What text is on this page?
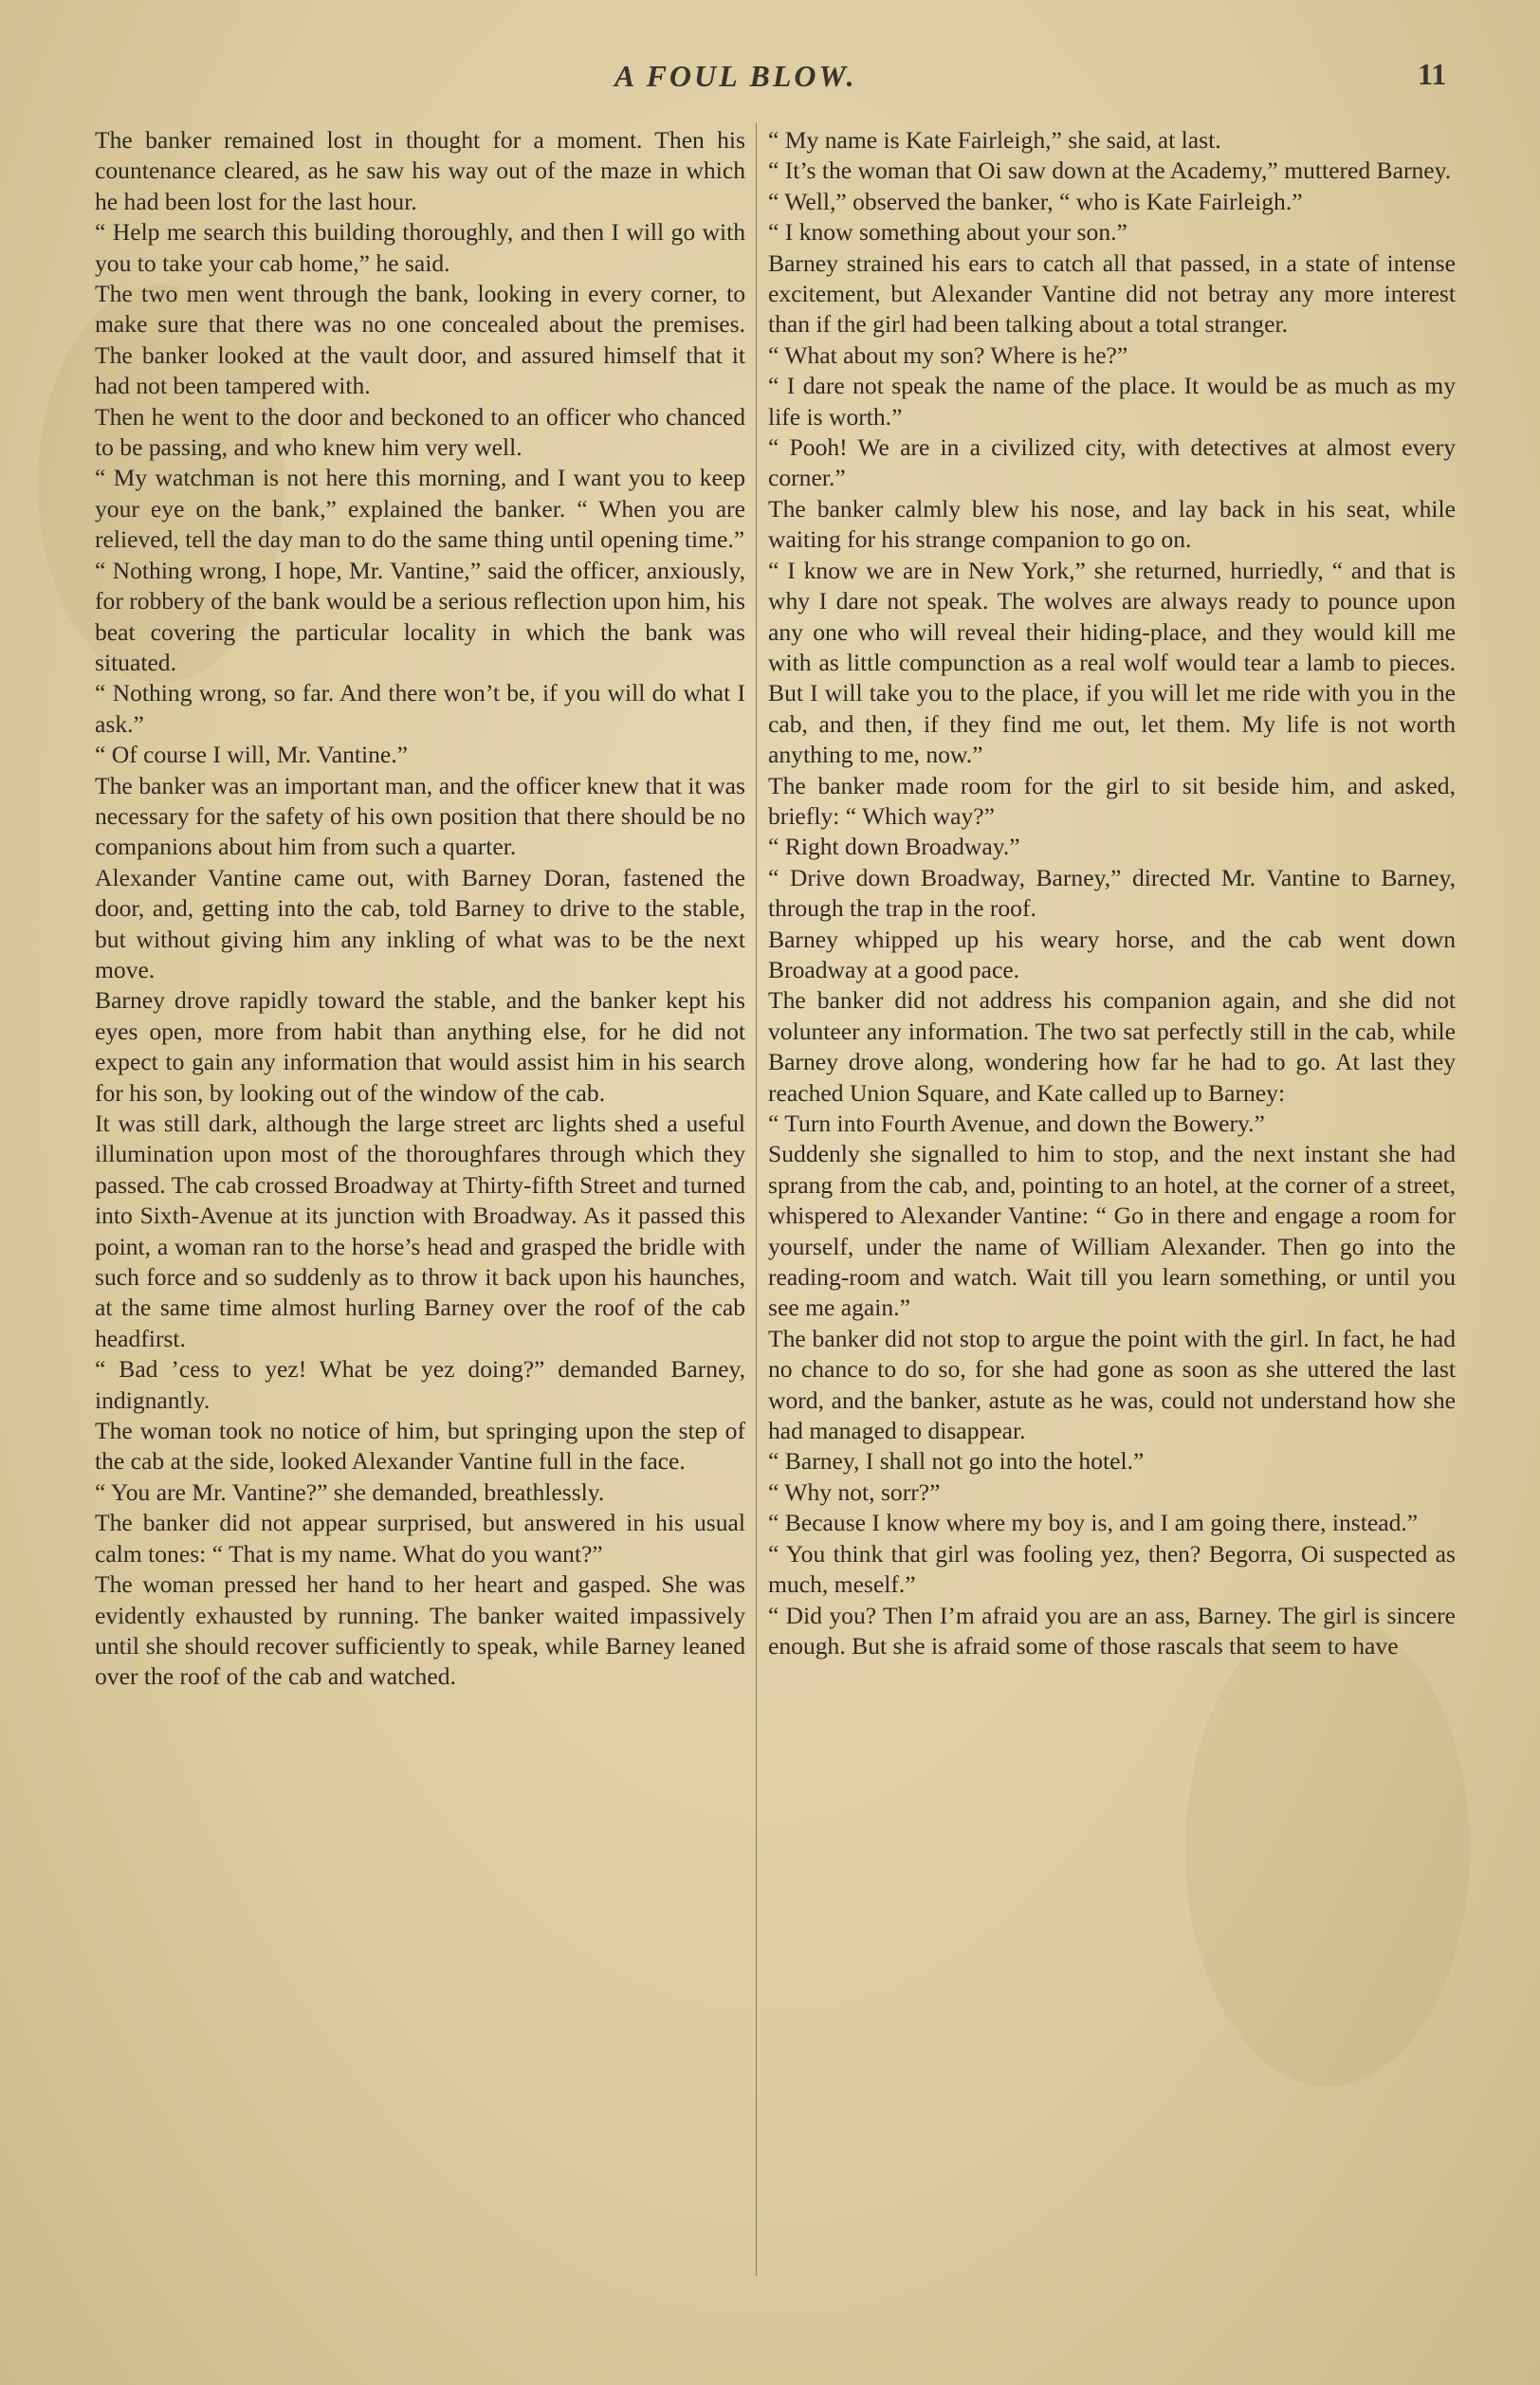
A FOUL BLOW.	11

The banker remained lost in thought for a moment. Then his countenance cleared, as he saw his way out of the maze in which he had been lost for the last hour.

“ Help me search this building thoroughly, and then I will go with you to take your cab home,” he said.

The two men went through the bank, looking in every corner, to make sure that there was no one concealed about the premises. The banker looked at the vault door, and assured himself that it had not been tampered with.

Then he went to the door and beckoned to an officer who chanced to be passing, and who knew him very well.

“ My watchman is not here this morning, and I want you to keep your eye on the bank,” explained the banker. “ When you are relieved, tell the day man to do the same thing until opening time.”

“ Nothing wrong, I hope, Mr. Vantine,” said the officer, anxiously, for robbery of the bank would be a serious reflection upon him, his beat covering the particular locality in which the bank was situated.

“ Nothing wrong, so far. And there won’t be, if you will do what I ask.”

“ Of course I will, Mr. Vantine.”

The banker was an important man, and the officer knew that it was necessary for the safety of his own position that there should be no companions about him from such a quarter.

Alexander Vantine came out, with Barney Doran, fastened the door, and, getting into the cab, told Barney to drive to the stable, but without giving him any inkling of what was to be the next move.

Barney drove rapidly toward the stable, and the banker kept his eyes open, more from habit than anything else, for he did not expect to gain any information that would assist him in his search for his son, by looking out of the window of the cab.

It was still dark, although the large street arc lights shed a useful illumination upon most of the thoroughfares through which they passed. The cab crossed Broadway at Thirty-fifth Street and turned into Sixth-Avenue at its junction with Broadway. As it passed this point, a woman ran to the horse’s head and grasped the bridle with such force and so suddenly as to throw it back upon his haunches, at the same time almost hurling Barney over the roof of the cab headfirst.

“ Bad ’cess to yez! What be yez doing?” demanded Barney, indignantly.

The woman took no notice of him, but springing upon the step of the cab at the side, looked Alexander Vantine full in the face.

“ You are Mr. Vantine?” she demanded, breathlessly.

The banker did not appear surprised, but answered in his usual calm tones: “ That is my name. What do you want?”

The woman pressed her hand to her heart and gasped. She was evidently exhausted by running. The banker waited impassively until she should recover sufficiently to speak, while Barney leaned over the roof of the cab and watched.

“ My name is Kate Fairleigh,” she said, at last.

“ It’s the woman that Oi saw down at the Academy,” muttered Barney.

“ Well,” observed the banker, “ who is Kate Fairleigh.”

“ I know something about your son.”

Barney strained his ears to catch all that passed, in a state of intense excitement, but Alexander Vantine did not betray any more interest than if the girl had been talking about a total stranger.

“ What about my son? Where is he?”

“ I dare not speak the name of the place. It would be as much as my life is worth.”

“ Pooh! We are in a civilized city, with detectives at almost every corner.”

The banker calmly blew his nose, and lay back in his seat, while waiting for his strange companion to go on.

“ I know we are in New York,” she returned, hurriedly, “ and that is why I dare not speak. The wolves are always ready to pounce upon any one who will reveal their hiding-place, and they would kill me with as little compunction as a real wolf would tear a lamb to pieces. But I will take you to the place, if you will let me ride with you in the cab, and then, if they find me out, let them. My life is not worth anything to me, now.”

The banker made room for the girl to sit beside him, and asked, briefly: “ Which way?”

“ Right down Broadway.”

“ Drive down Broadway, Barney,” directed Mr. Vantine to Barney, through the trap in the roof.

Barney whipped up his weary horse, and the cab went down Broadway at a good pace.

The banker did not address his companion again, and she did not volunteer any information. The two sat perfectly still in the cab, while Barney drove along, wondering how far he had to go. At last they reached Union Square, and Kate called up to Barney:

“ Turn into Fourth Avenue, and down the Bowery.”

Suddenly she signalled to him to stop, and the next instant she had sprang from the cab, and, pointing to an hotel, at the corner of a street, whispered to Alexander Vantine: “ Go in there and engage a room for yourself, under the name of William Alexander. Then go into the reading-room and watch. Wait till you learn something, or until you see me again.”

The banker did not stop to argue the point with the girl. In fact, he had no chance to do so, for she had gone as soon as she uttered the last word, and the banker, astute as he was, could not understand how she had managed to disappear.

“ Barney, I shall not go into the hotel.”

“ Why not, sorr?”

“ Because I know where my boy is, and I am going there, instead.”

“ You think that girl was fooling yez, then? Begorra, Oi suspected as much, meself.”

“ Did you? Then I’m afraid you are an ass, Barney. The girl is sincere enough. But she is afraid some of those rascals that seem to have
